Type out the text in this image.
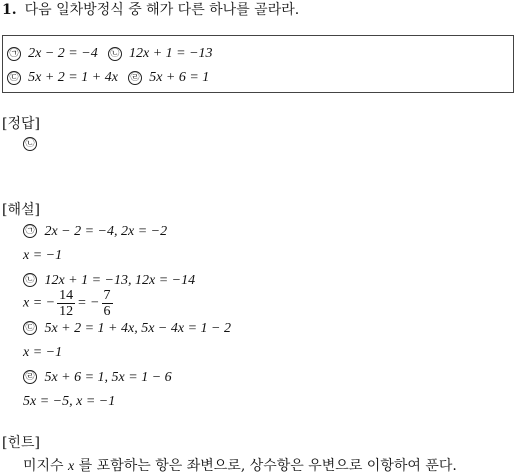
1. 다음 일차방정식 중 해가 다른 하나를 골라라.
㉠ 2x − 2 = −4 ㉡ 12x + 1 = −13
㉢ 5x + 2 = 1 + 4x ㉣ 5x + 6 = 1
[정답]
㉡
[해설]
㉠ 2x − 2 = −4, 2x = −2
x = −1
㉡ 12x + 1 = −13, 12x = −14
x = − $\frac{14}{12}$ = − $\frac{7}{6}$
㉢ 5x + 2 = 1 + 4x, 5x − 4x = 1 − 2
x = −1
㉣ 5x + 6 = 1, 5x = 1 − 6
5x = −5, x = −1
[힌트]
미지수 x 를 포함하는 항은 좌변으로, 상수항은 우변으로 이항하여 푼다.
